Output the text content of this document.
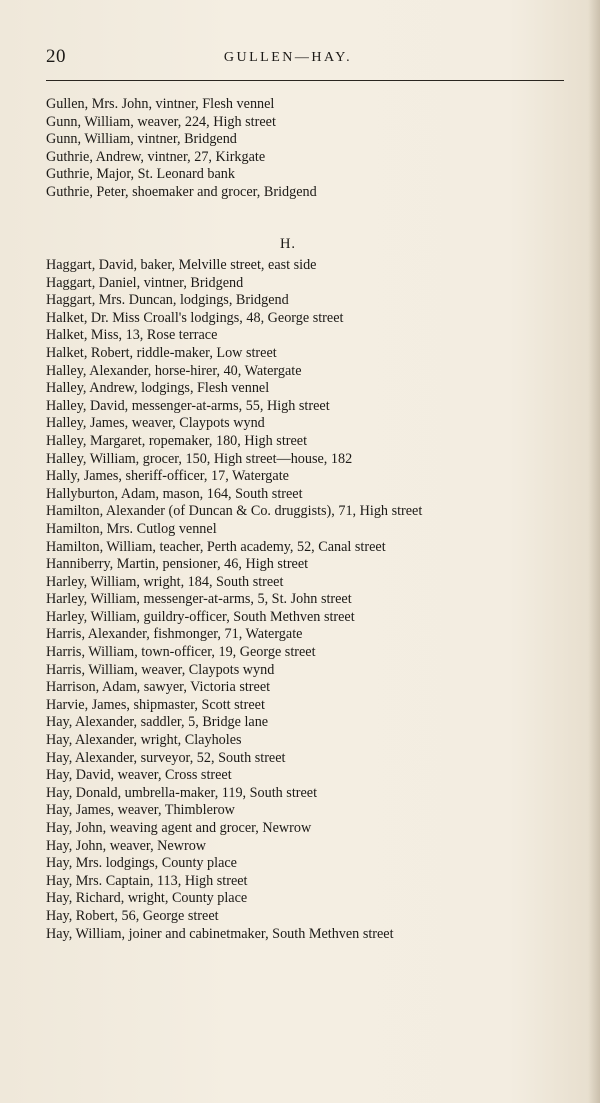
20	GULLEN—HAY.
Gullen, Mrs. John, vintner, Flesh vennel
Gunn, William, weaver, 224, High street
Gunn, William, vintner, Bridgend
Guthrie, Andrew, vintner, 27, Kirkgate
Guthrie, Major, St. Leonard bank
Guthrie, Peter, shoemaker and grocer, Bridgend
H.
Haggart, David, baker, Melville street, east side
Haggart, Daniel, vintner, Bridgend
Haggart, Mrs. Duncan, lodgings, Bridgend
Halket, Dr. Miss Croall's lodgings, 48, George street
Halket, Miss, 13, Rose terrace
Halket, Robert, riddle-maker, Low street
Halley, Alexander, horse-hirer, 40, Watergate
Halley, Andrew, lodgings, Flesh vennel
Halley, David, messenger-at-arms, 55, High street
Halley, James, weaver, Claypots wynd
Halley, Margaret, ropemaker, 180, High street
Halley, William, grocer, 150, High street—house, 182
Hally, James, sheriff-officer, 17, Watergate
Hallyburton, Adam, mason, 164, South street
Hamilton, Alexander (of Duncan & Co. druggists), 71, High street
Hamilton, Mrs. Cutlog vennel
Hamilton, William, teacher, Perth academy, 52, Canal street
Hanniberry, Martin, pensioner, 46, High street
Harley, William, wright, 184, South street
Harley, William, messenger-at-arms, 5, St. John street
Harley, William, guildry-officer, South Methven street
Harris, Alexander, fishmonger, 71, Watergate
Harris, William, town-officer, 19, George street
Harris, William, weaver, Claypots wynd
Harrison, Adam, sawyer, Victoria street
Harvie, James, shipmaster, Scott street
Hay, Alexander, saddler, 5, Bridge lane
Hay, Alexander, wright, Clayholes
Hay, Alexander, surveyor, 52, South street
Hay, David, weaver, Cross street
Hay, Donald, umbrella-maker, 119, South street
Hay, James, weaver, Thimblerow
Hay, John, weaving agent and grocer, Newrow
Hay, John, weaver, Newrow
Hay, Mrs. lodgings, County place
Hay, Mrs. Captain, 113, High street
Hay, Richard, wright, County place
Hay, Robert, 56, George street
Hay, William, joiner and cabinetmaker, South Methven street
